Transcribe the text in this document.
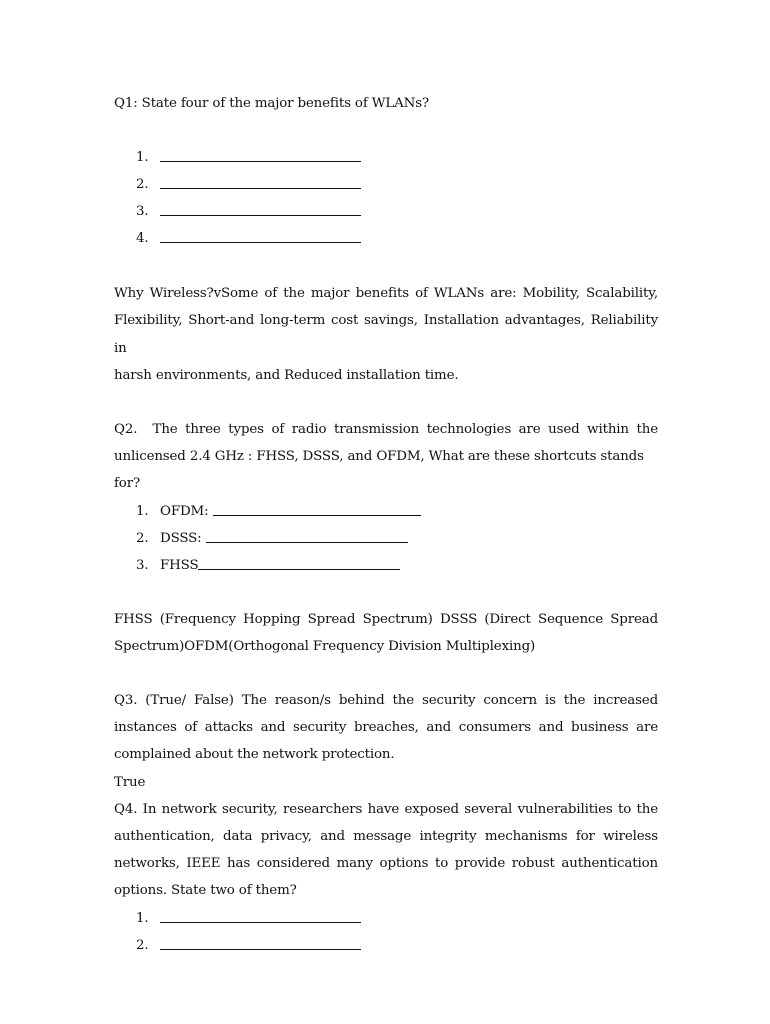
Q1: State four of the major benefits of WLANs?

1.
2.
3.
4.
Why Wireless?vSome of the major benefits of WLANs are: Mobility, Scalability,
Flexibility, Short-and long-term cost savings, Installation advantages, Reliability in
harsh environments, and Reduced installation time.
Q2.  The three types of radio transmission technologies are used within the
unlicensed 2.4 GHz : FHSS, DSSS, and OFDM, What are these shortcuts stands for?
1. OFDM:
2. DSSS:
3. FHSS
FHSS (Frequency Hopping Spread Spectrum) DSSS (Direct Sequence Spread
Spectrum)OFDM(Orthogonal Frequency Division Multiplexing)
Q3. (True/ False) The reason/s behind the security concern is the increased
instances of attacks and security breaches, and consumers and business are
complained about the network protection.
True
Q4. In network security, researchers have exposed several vulnerabilities to the
authentication, data privacy, and message integrity mechanisms for wireless
networks, IEEE has considered many options to provide robust authentication
options. State two of them?
1.
2.
